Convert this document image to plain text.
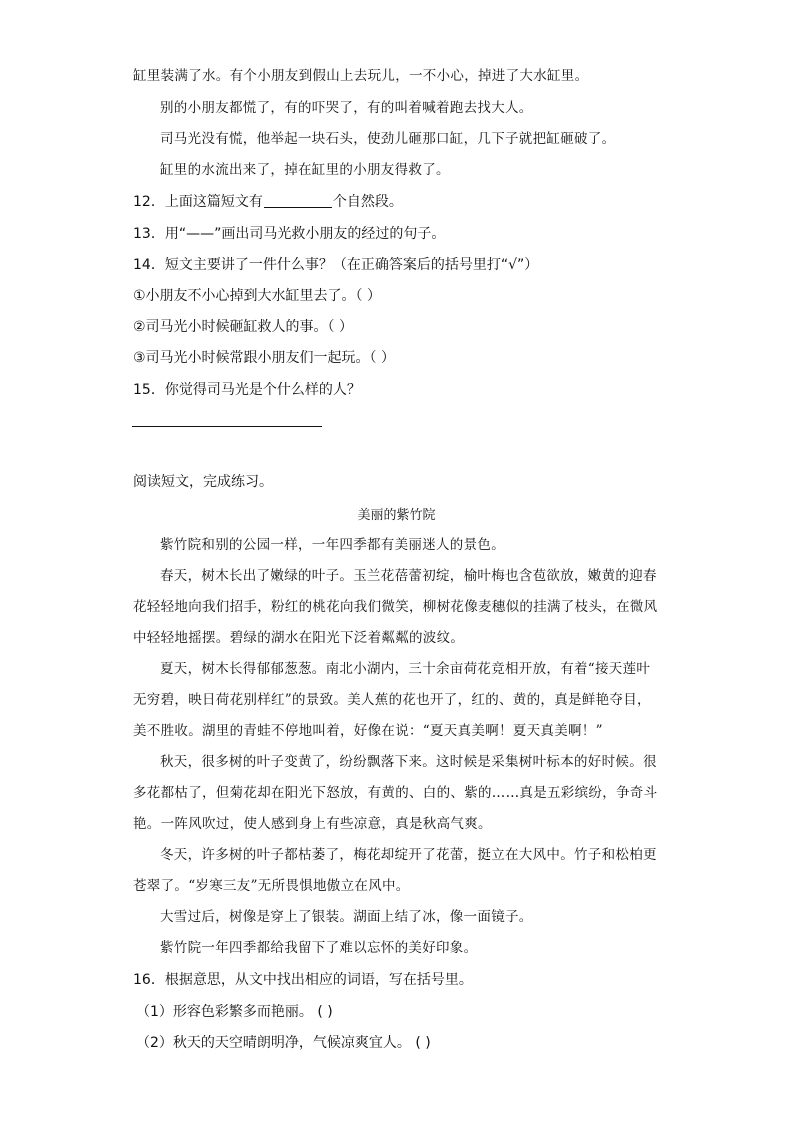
缸里装满了水。有个小朋友到假山上去玩儿，一不小心，掉进了大水缸里。
别的小朋友都慌了，有的吓哭了，有的叫着喊着跑去找大人。
司马光没有慌，他举起一块石头，使劲儿砸那口缸，几下子就把缸砸破了。
缸里的水流出来了，掉在缸里的小朋友得救了。
12．上面这篇短文有	个自然段。
13．用“——”画出司马光救小朋友的经过的句子。
14．短文主要讲了一件什么事？（在正确答案后的括号里打“√”）
①小朋友不小心掉到大水缸里去了。（ ）
②司马光小时候砸缸救人的事。（ ）
③司马光小时候常跟小朋友们一起玩。（ ）
15．你觉得司马光是个什么样的人？
阅读短文，完成练习。
美丽的紫竹院
紫竹院和别的公园一样，一年四季都有美丽迷人的景色。
春天，树木长出了嫩绿的叶子。玉兰花蓓蕾初绽，榆叶梅也含苞欲放，嫩黄的迎春
花轻轻地向我们招手，粉红的桃花向我们微笑，柳树花像麦穗似的挂满了枝头，在微风
中轻轻地摇摆。碧绿的湖水在阳光下泛着粼粼的波纹。
夏天，树木长得郁郁葱葱。南北小湖内，三十余亩荷花竞相开放，有着“接天莲叶
无穷碧，映日荷花别样红”的景致。美人蕉的花也开了，红的、黄的，真是鲜艳夺目，
美不胜收。湖里的青蛙不停地叫着，好像在说：“夏天真美啊！夏天真美啊！”
秋天，很多树的叶子变黄了，纷纷飘落下来。这时候是采集树叶标本的好时候。很
多花都枯了，但菊花却在阳光下怒放，有黄的、白的、紫的……真是五彩缤纷，争奇斗
艳。一阵风吹过，使人感到身上有些凉意，真是秋高气爽。
冬天，许多树的叶子都枯萎了，梅花却绽开了花蕾，挺立在大风中。竹子和松柏更
苍翠了。“岁寒三友”无所畏惧地傲立在风中。
大雪过后，树像是穿上了银装。湖面上结了冰，像一面镜子。
紫竹院一年四季都给我留下了难以忘怀的美好印象。
16．根据意思，从文中找出相应的词语，写在括号里。
（1）形容色彩繁多而艳丽。 ( )
（2）秋天的天空晴朗明净，气候凉爽宜人。 ( )
